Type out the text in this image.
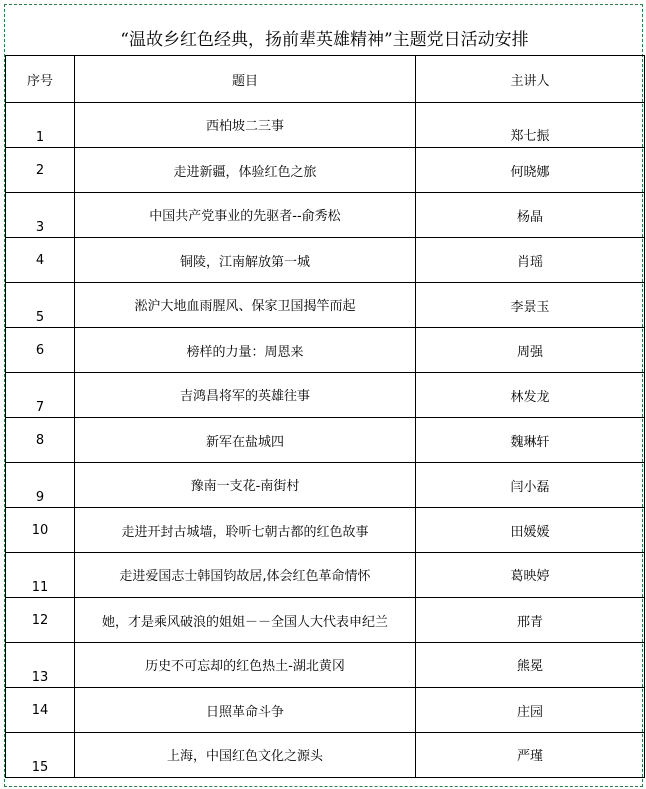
“温故乡红色经典，扬前辈英雄精神”主题党日活动安排
序号	题目	主讲人
1	西柏坡二三事	郑七振
2	走进新疆，体验红色之旅	何晓娜
3	中国共产党事业的先驱者--俞秀松	杨晶
4	铜陵，江南解放第一城	肖瑶
5	淞沪大地血雨腥风、保家卫国揭竿而起	李景玉
6	榜样的力量：周恩来	周强
7	吉鸿昌将军的英雄往事	林发龙
8	新军在盐城四	魏琳轩
9	豫南一支花-南街村	闫小磊
10	走进开封古城墙，聆听七朝古都的红色故事	田媛媛
11	走进爱国志士韩国钧故居,体会红色革命情怀	葛映婷
12	她，才是乘风破浪的姐姐－－全国人大代表申纪兰	邢青
13	历史不可忘却的红色热土-湖北黄冈	熊冕
14	日照革命斗争	庄园
15	上海，中国红色文化之源头	严瑾
